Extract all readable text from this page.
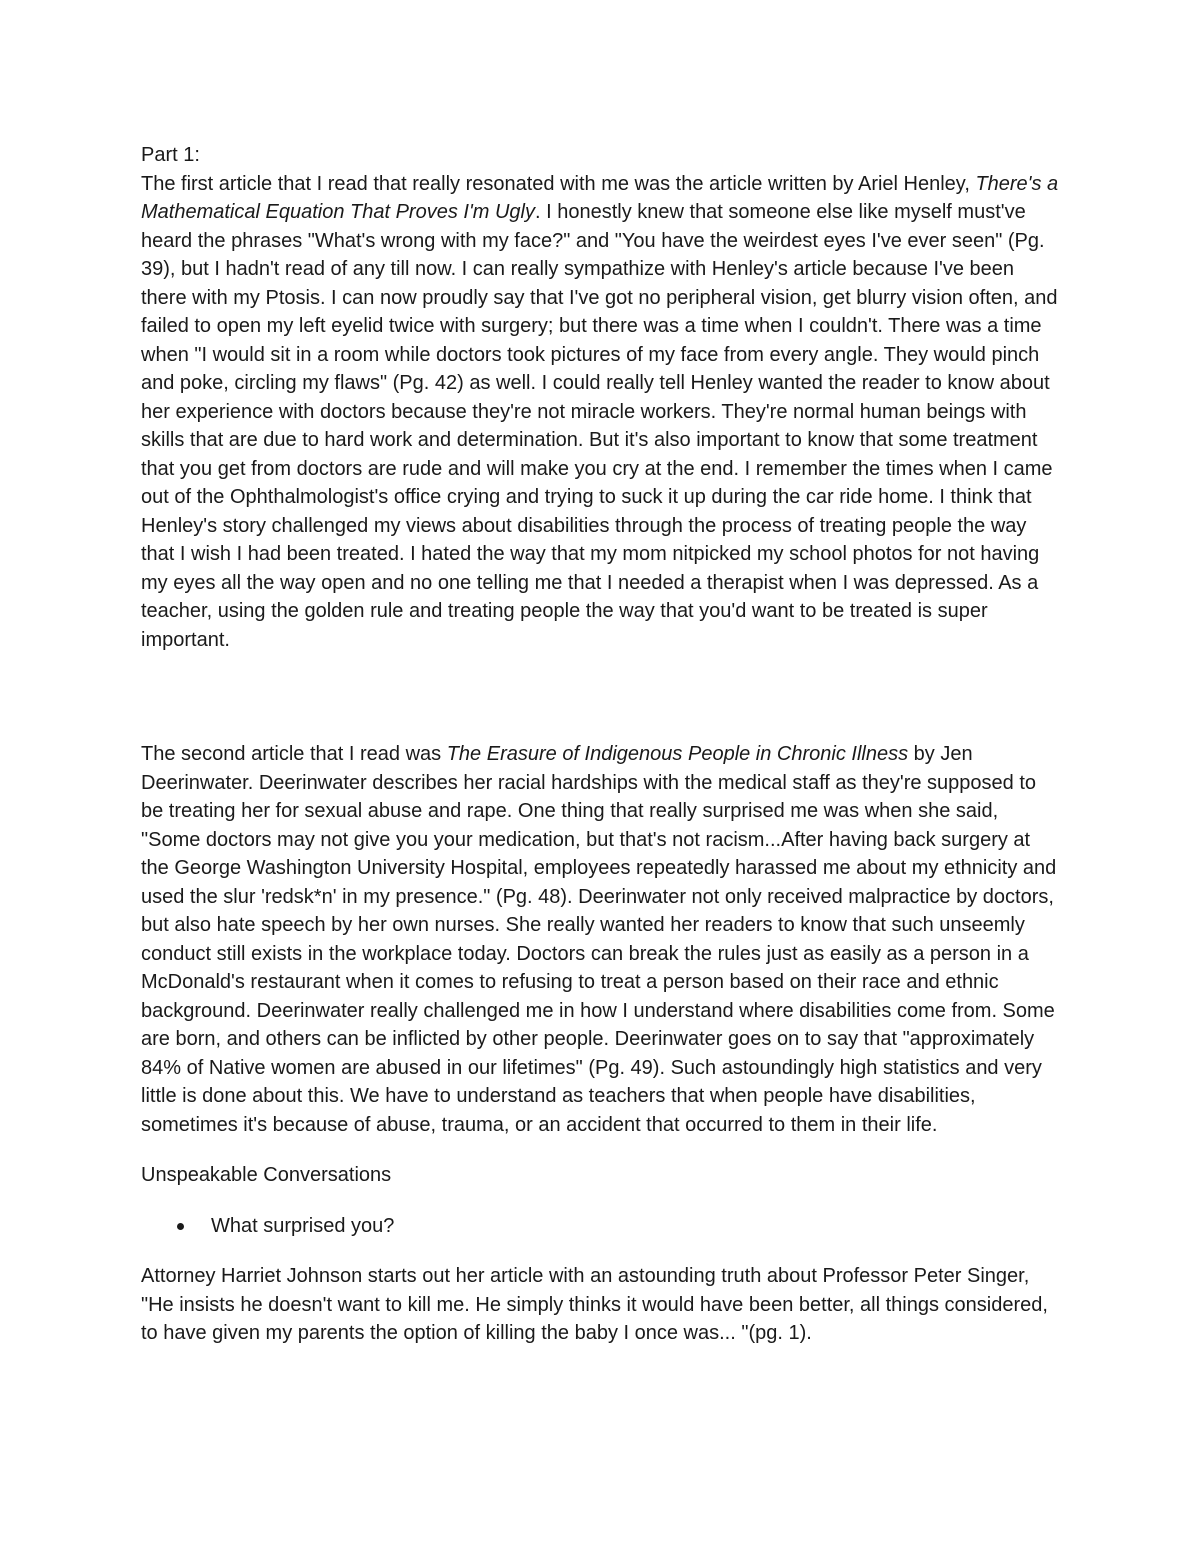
Part 1:

The first article that I read that really resonated with me was the article written by Ariel Henley, There's a Mathematical Equation That Proves I'm Ugly. I honestly knew that someone else like myself must've heard the phrases "What's wrong with my face?" and "You have the weirdest eyes I've ever seen" (Pg. 39), but I hadn't read of any till now. I can really sympathize with Henley's article because I've been there with my Ptosis. I can now proudly say that I've got no peripheral vision, get blurry vision often, and failed to open my left eyelid twice with surgery; but there was a time when I couldn't. There was a time when "I would sit in a room while doctors took pictures of my face from every angle. They would pinch and poke, circling my flaws" (Pg. 42) as well. I could really tell Henley wanted the reader to know about her experience with doctors because they're not miracle workers. They're normal human beings with skills that are due to hard work and determination. But it's also important to know that some treatment that you get from doctors are rude and will make you cry at the end. I remember the times when I came out of the Ophthalmologist's office crying and trying to suck it up during the car ride home. I think that Henley's story challenged my views about disabilities through the process of treating people the way that I wish I had been treated. I hated the way that my mom nitpicked my school photos for not having my eyes all the way open and no one telling me that I needed a therapist when I was depressed. As a teacher, using the golden rule and treating people the way that you'd want to be treated is super important.

The second article that I read was The Erasure of Indigenous People in Chronic Illness by Jen Deerinwater. Deerinwater describes her racial hardships with the medical staff as they're supposed to be treating her for sexual abuse and rape. One thing that really surprised me was when she said, "Some doctors may not give you your medication, but that's not racism...After having back surgery at the George Washington University Hospital, employees repeatedly harassed me about my ethnicity and used the slur 'redsk*n' in my presence." (Pg. 48). Deerinwater not only received malpractice by doctors, but also hate speech by her own nurses. She really wanted her readers to know that such unseemly conduct still exists in the workplace today. Doctors can break the rules just as easily as a person in a McDonald's restaurant when it comes to refusing to treat a person based on their race and ethnic background. Deerinwater really challenged me in how I understand where disabilities come from. Some are born, and others can be inflicted by other people. Deerinwater goes on to say that "approximately 84% of Native women are abused in our lifetimes" (Pg. 49). Such astoundingly high statistics and very little is done about this. We have to understand as teachers that when people have disabilities, sometimes it's because of abuse, trauma, or an accident that occurred to them in their life.

Unspeakable Conversations

What surprised you?

Attorney Harriet Johnson starts out her article with an astounding truth about Professor Peter Singer, "He insists he doesn't want to kill me. He simply thinks it would have been better, all things considered, to have given my parents the option of killing the baby I once was... "(pg. 1).
